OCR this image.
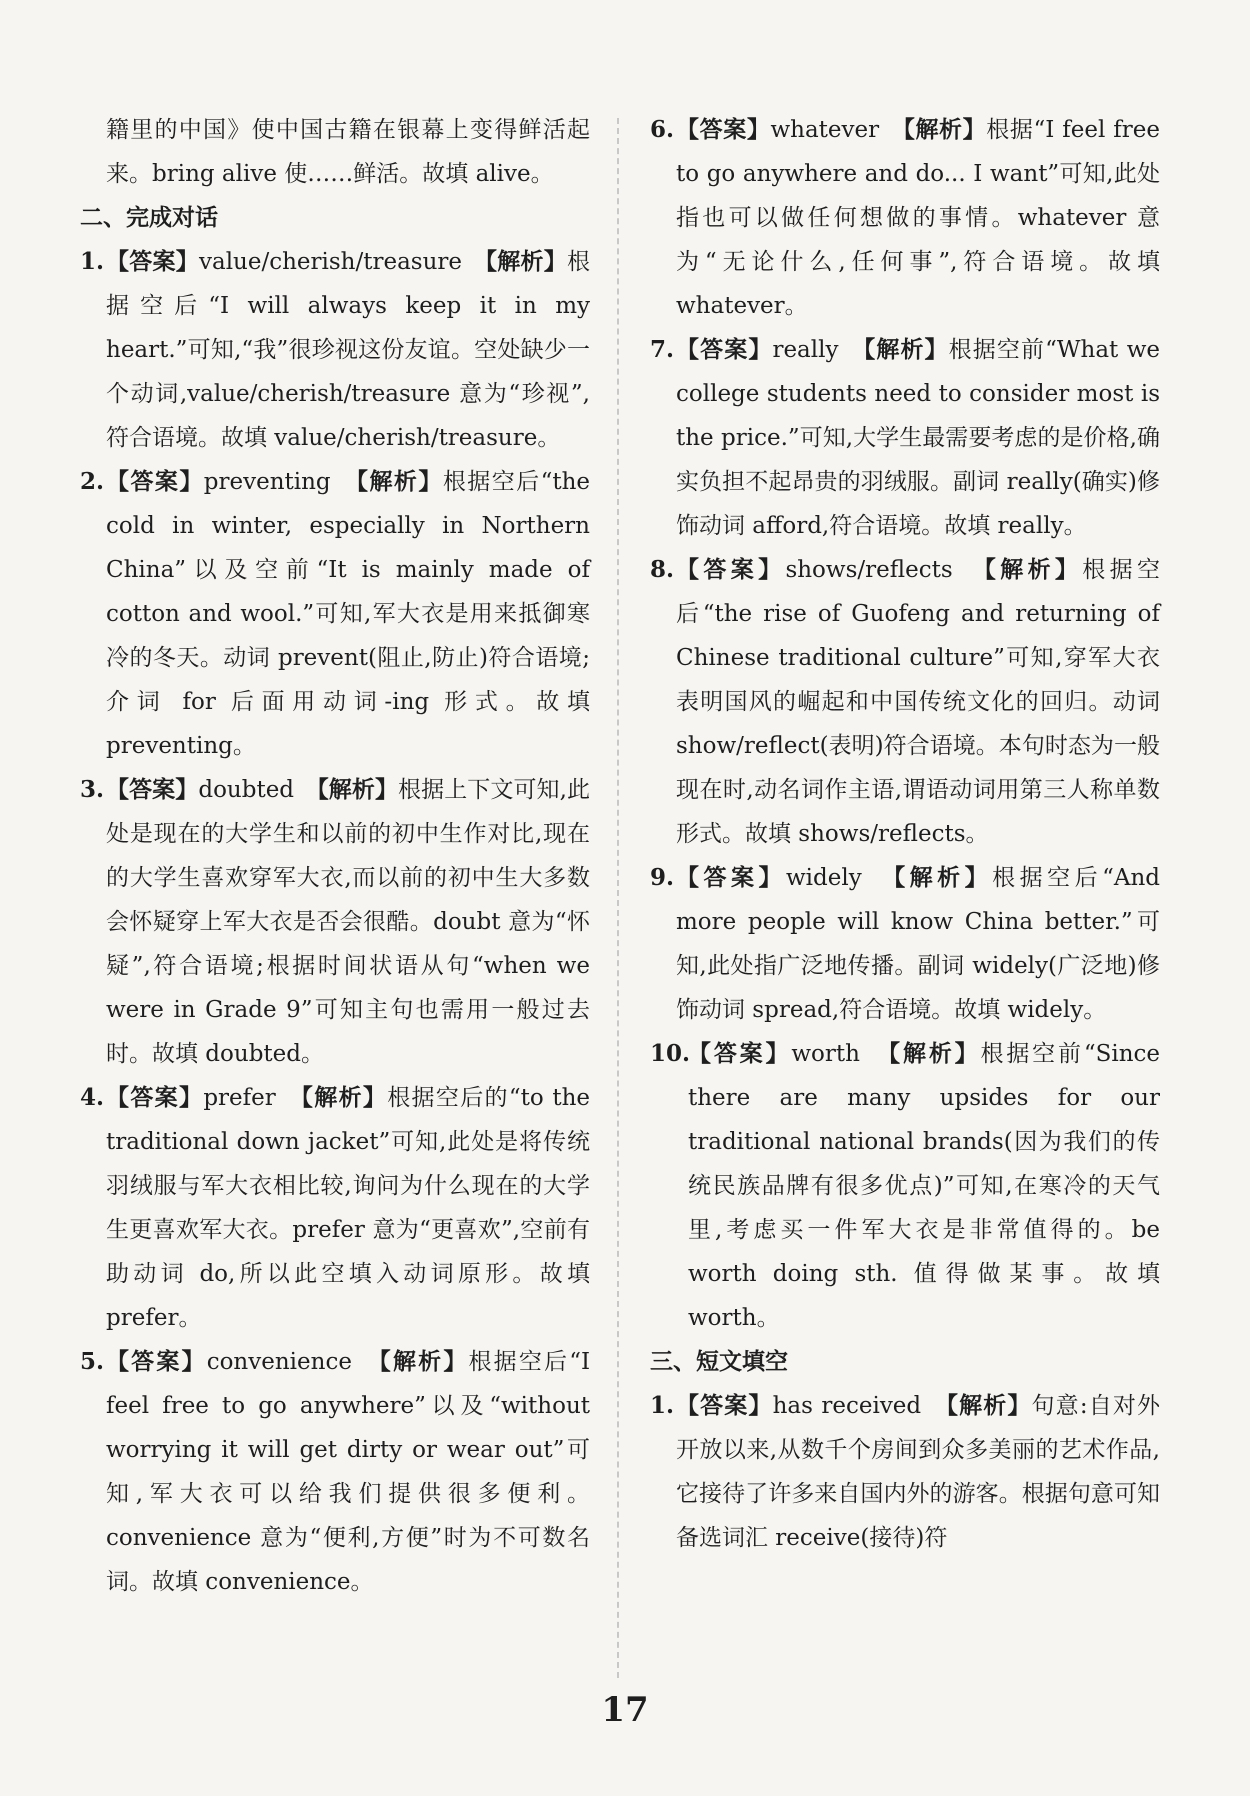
籍里的中国》使中国古籍在银幕上变得鲜活起来。bring alive 使……鲜活。故填 alive。

二、完成对话

1. 【答案】value/cherish/treasure　 【解析】根据空后“I will always keep it in my heart.”可知,“我”很珍视这份友谊。空处缺少一个动词,value/cherish/treasure 意为“珍视”,符合语境。故填 value/cherish/treasure。

2. 【答案】preventing　 【解析】根据空后“the cold in winter, especially in Northern China”以及空前“It is mainly made of cotton and wool.”可知,军大衣是用来抵御寒冷的冬天。动词 prevent(阻止,防止)符合语境;介词 for 后面用动词-ing 形式。故填 preventing。

3. 【答案】doubted　 【解析】根据上下文可知,此处是现在的大学生和以前的初中生作对比,现在的大学生喜欢穿军大衣,而以前的初中生大多数会怀疑穿上军大衣是否会很酷。doubt 意为“怀疑”,符合语境;根据时间状语从句“when we were in Grade 9”可知主句也需用一般过去时。故填 doubted。

4. 【答案】prefer　 【解析】根据空后的“to the traditional down jacket”可知,此处是将传统羽绒服与军大衣相比较,询问为什么现在的大学生更喜欢军大衣。prefer 意为“更喜欢”,空前有助动词 do,所以此空填入动词原形。故填 prefer。

5. 【答案】convenience　 【解析】根据空后“I feel free to go anywhere”以及“without worrying it will get dirty or wear out”可知,军大衣可以给我们提供很多便利。convenience 意为“便利,方便”时为不可数名词。故填 convenience。

6. 【答案】whatever　 【解析】根据“I feel free to go anywhere and do... I want”可知,此处指也可以做任何想做的事情。whatever 意为“无论什么,任何事”,符合语境。故填 whatever。

7. 【答案】really　 【解析】根据空前“What we college students need to consider most is the price.”可知,大学生最需要考虑的是价格,确实负担不起昂贵的羽绒服。副词 really(确实)修饰动词 afford,符合语境。故填 really。

8. 【答案】shows/reflects　 【解析】根据空后“the rise of Guofeng and returning of Chinese traditional culture”可知,穿军大衣表明国风的崛起和中国传统文化的回归。动词 show/reflect(表明)符合语境。本句时态为一般现在时,动名词作主语,谓语动词用第三人称单数形式。故填 shows/reflects。

9. 【答案】widely　 【解析】根据空后“And more people will know China better.”可知,此处指广泛地传播。副词 widely(广泛地)修饰动词 spread,符合语境。故填 widely。

10.
【答案】worth　 【解析】根据空前“Since there are many upsides for our traditional national brands(因为我们的传统民族品牌有很多优点)”可知,在寒冷的天气里,考虑买一件军大衣是非常值得的。be worth doing sth. 值得做某事。故填 worth。

三、短文填空

1. 【答案】has received　 【解析】句意:自对外开放以来,从数千个房间到众多美丽的艺术作品,它接待了许多来自国内外的游客。根据句意可知备选词汇 receive(接待)符

17
